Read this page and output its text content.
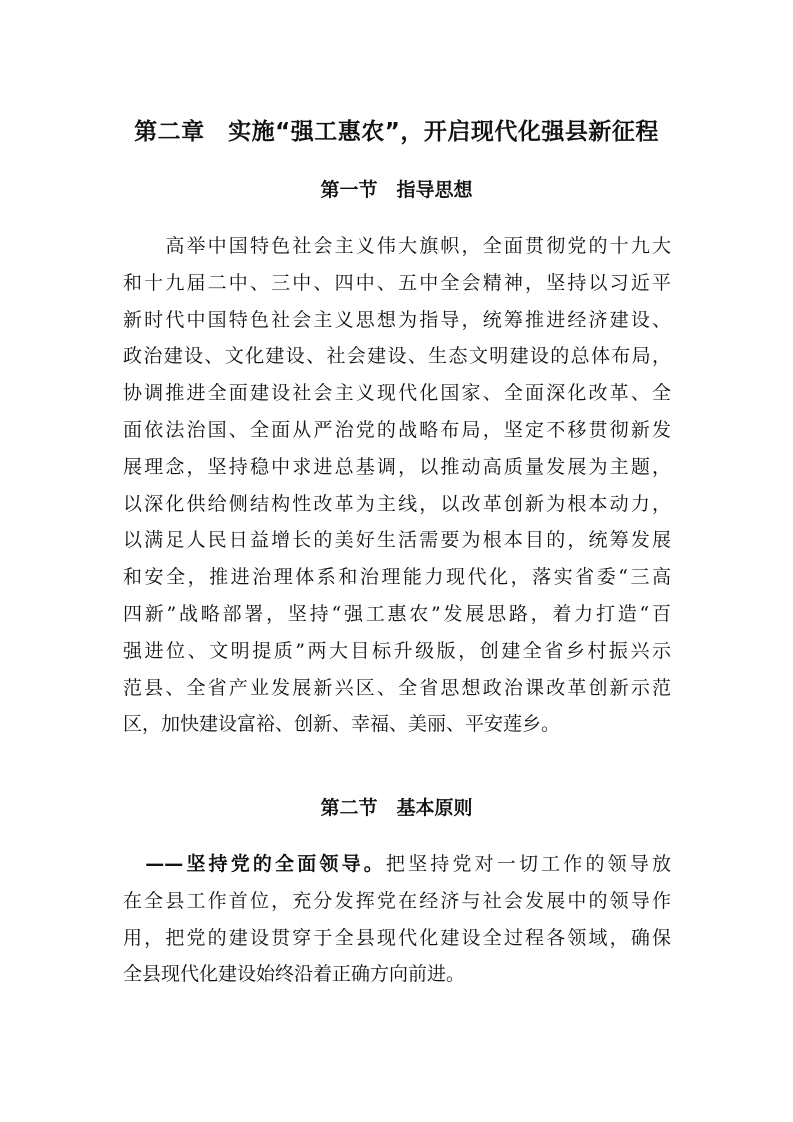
第二章　实施“强工惠农”，开启现代化强县新征程
第一节　指导思想
　　高举中国特色社会主义伟大旗帜，全面贯彻党的十九大
和十九届二中、三中、四中、五中全会精神，坚持以习近平
新时代中国特色社会主义思想为指导，统筹推进经济建设、
政治建设、文化建设、社会建设、生态文明建设的总体布局，
协调推进全面建设社会主义现代化国家、全面深化改革、全
面依法治国、全面从严治党的战略布局，坚定不移贯彻新发
展理念，坚持稳中求进总基调，以推动高质量发展为主题，
以深化供给侧结构性改革为主线，以改革创新为根本动力，
以满足人民日益增长的美好生活需要为根本目的，统筹发展
和安全，推进治理体系和治理能力现代化，落实省委“三高
四新”战略部署，坚持“强工惠农”发展思路，着力打造“百
强进位、文明提质”两大目标升级版，创建全省乡村振兴示
范县、全省产业发展新兴区、全省思想政治课改革创新示范
区，加快建设富裕、创新、幸福、美丽、平安莲乡。
第二节　基本原则
　——坚持党的全面领导。把坚持党对一切工作的领导放
在全县工作首位，充分发挥党在经济与社会发展中的领导作
用，把党的建设贯穿于全县现代化建设全过程各领域，确保
全县现代化建设始终沿着正确方向前进。
